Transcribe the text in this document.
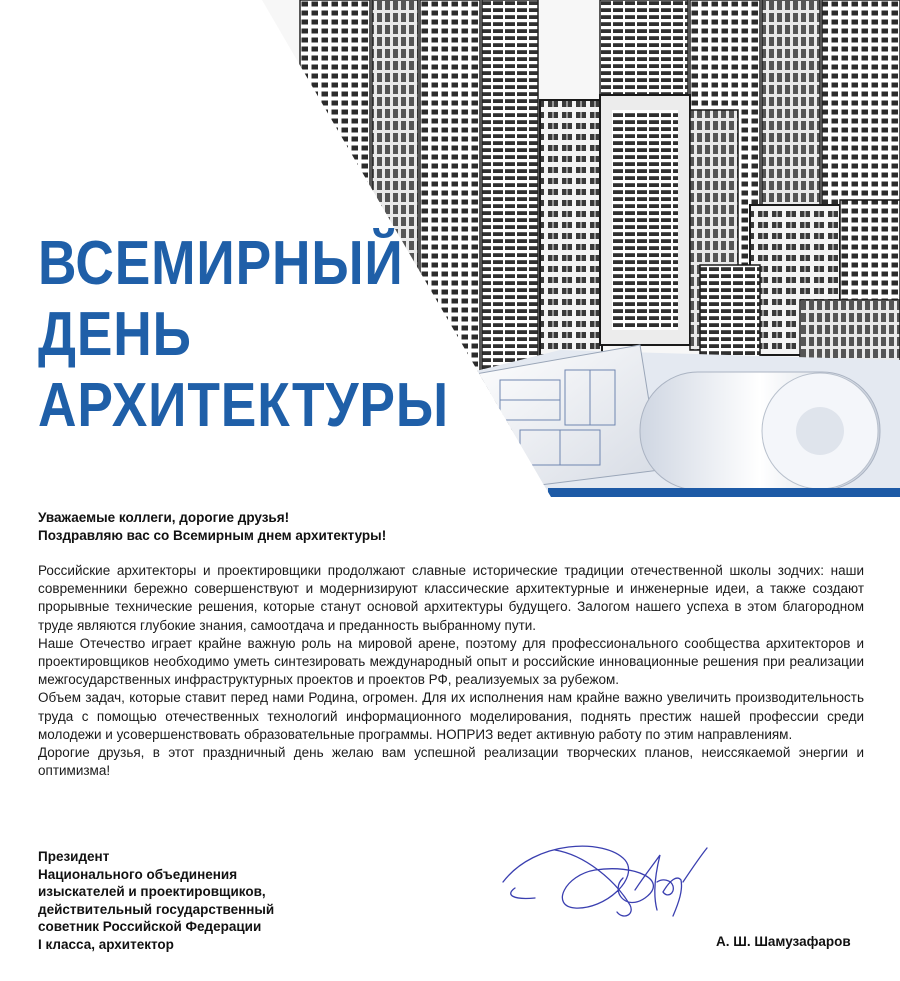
ВСЕМИРНЫЙ
ДЕНЬ
АРХИТЕКТУРЫ
Уважаемые коллеги, дорогие друзья!
Поздравляю вас со Всемирным днем архитектуры!

Российские архитекторы и проектировщики продолжают славные исторические традиции отечественной школы зодчих: наши современники бережно совершенствуют и модернизируют классические архитектурные и инженерные идеи, а также создают прорывные технические решения, которые станут основой архитектуры будущего. Залогом нашего успеха в этом благородном труде являются глубокие знания, самоотдача и преданность выбранному пути.

Наше Отечество играет крайне важную роль на мировой арене, поэтому для профессионального сообщества архитекторов и проектировщиков необходимо уметь синтезировать международный опыт и российские инновационные решения при реализации межгосударственных инфраструктурных проектов и проектов РФ, реализуемых за рубежом.

Объем задач, которые ставит перед нами Родина, огромен. Для их исполнения нам крайне важно увеличить производительность труда с помощью отечественных технологий информационного моделирования, поднять престиж нашей профессии среди молодежи и усовершенствовать образовательные программы. НОПРИЗ ведет активную работу по этим направлениям.

Дорогие друзья, в этот праздничный день желаю вам успешной реализации творческих планов, неиссякаемой энергии и оптимизма!

Президент
Национального объединения
изыскателей и проектировщиков,
действительный государственный
советник Российской Федерации
I класса, архитектор	А. Ш. Шамузафаров
